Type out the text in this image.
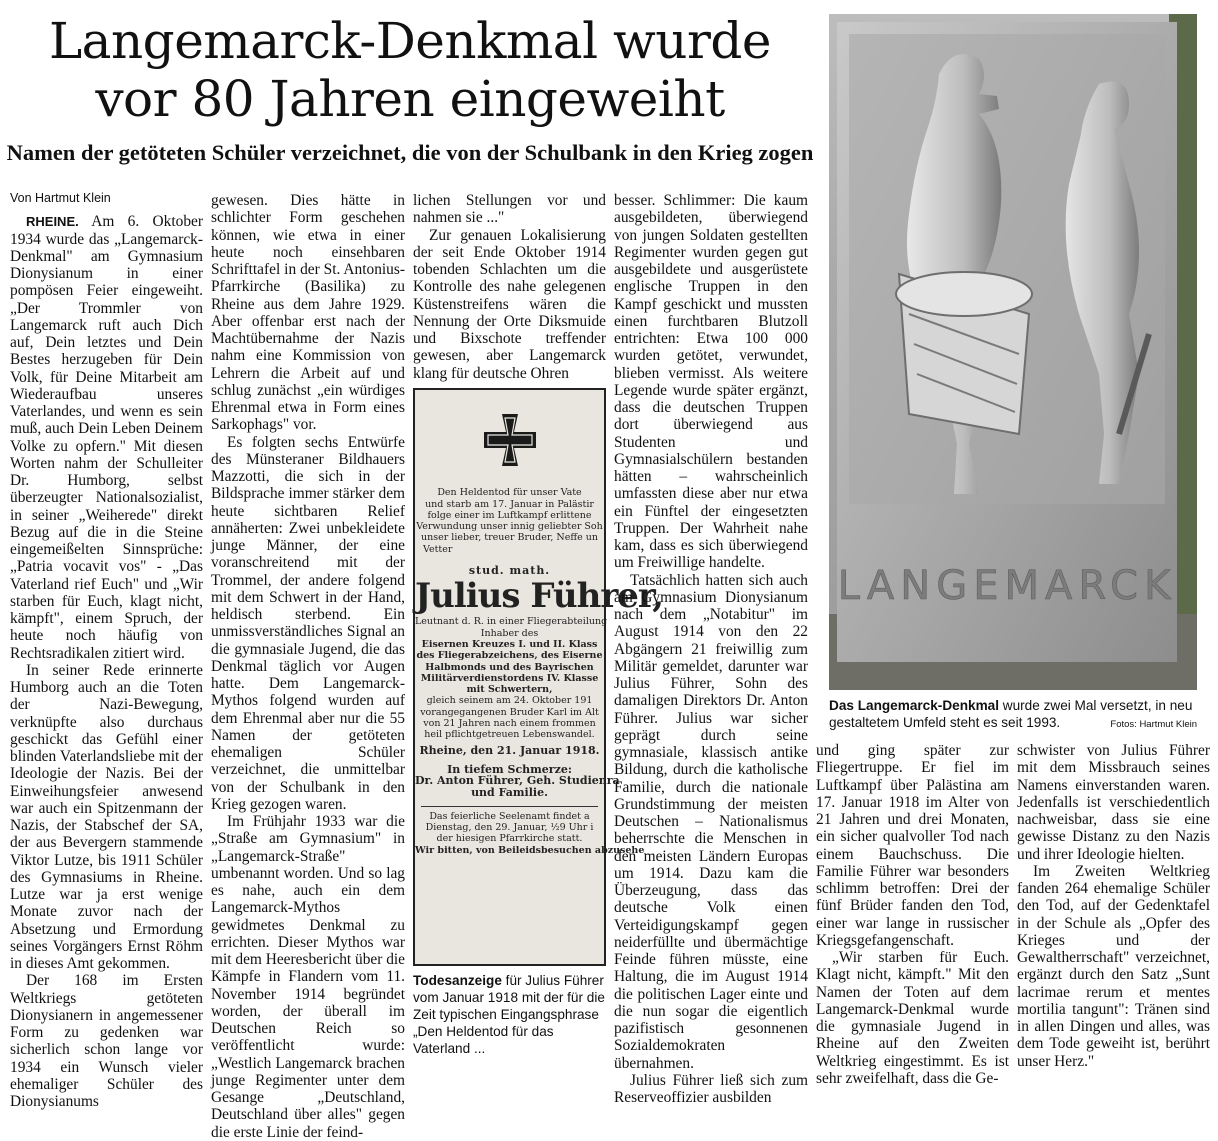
Langemarck-Denkmal wurde
vor 80 Jahren eingeweiht
Namen der getöteten Schüler verzeichnet, die von der Schulbank in den Krieg zogen

Von Hartmut Klein

RHEINE. Am 6. Oktober 1934 wurde das „Langemarck-Denkmal" am Gymnasium Dionysianum in einer pompösen Feier eingeweiht. „Der Trommler von Langemarck ruft auch Dich auf, Dein letztes und Dein Bestes herzugeben für Dein Volk, für Deine Mitarbeit am Wiederaufbau unseres Vaterlandes, und wenn es sein muß, auch Dein Leben Deinem Volke zu opfern." Mit diesen Worten nahm der Schulleiter Dr. Humborg, selbst überzeugter Nationalsozialist, in seiner „Weiherede" direkt Bezug auf die in die Steine eingemeißelten Sinnsprüche: „Patria vocavit vos" - „Das Vaterland rief Euch" und „Wir starben für Euch, klagt nicht, kämpft", einem Spruch, der heute noch häufig von Rechtsradikalen zitiert wird.

In seiner Rede erinnerte Humborg auch an die Toten der Nazi-Bewegung, verknüpfte also durchaus geschickt das Gefühl einer blinden Vaterlandsliebe mit der Ideologie der Nazis. Bei der Einweihungsfeier anwesend war auch ein Spitzenmann der Nazis, der Stabschef der SA, der aus Bevergern stammende Viktor Lutze, bis 1911 Schüler des Gymnasiums in Rheine. Lutze war ja erst wenige Monate zuvor nach der Absetzung und Ermordung seines Vorgängers Ernst Röhm in dieses Amt gekommen.

Der 168 im Ersten Weltkriegs getöteten Dionysianern in angemessener Form zu gedenken war sicherlich schon lange vor 1934 ein Wunsch vieler ehemaliger Schüler des Dionysianums

gewesen. Dies hätte in schlichter Form geschehen können, wie etwa in einer heute noch einsehbaren Schrifttafel in der St. Antonius-Pfarrkirche (Basilika) zu Rheine aus dem Jahre 1929. Aber offenbar erst nach der Machtübernahme der Nazis nahm eine Kommission von Lehrern die Arbeit auf und schlug zunächst „ein würdiges Ehrenmal etwa in Form eines Sarkophags" vor.

Es folgten sechs Entwürfe des Münsteraner Bildhauers Mazzotti, die sich in der Bildsprache immer stärker dem heute sichtbaren Relief annäherten: Zwei unbekleidete junge Männer, der eine voranschreitend mit der Trommel, der andere folgend mit dem Schwert in der Hand, heldisch sterbend. Ein unmissverständliches Signal an die gymnasiale Jugend, die das Denkmal täglich vor Augen hatte. Dem Langemarck-Mythos folgend wurden auf dem Ehrenmal aber nur die 55 Namen der getöteten ehemaligen Schüler verzeichnet, die unmittelbar von der Schulbank in den Krieg gezogen waren.

Im Frühjahr 1933 war die „Straße am Gymnasium" in „Langemarck-Straße" umbenannt worden. Und so lag es nahe, auch ein dem Langemarck-Mythos gewidmetes Denkmal zu errichten. Dieser Mythos war mit dem Heeresbericht über die Kämpfe in Flandern vom 11. November 1914 begründet worden, der überall im Deutschen Reich so veröffentlicht wurde: „Westlich Langemarck brachen junge Regimenter unter dem Gesange „Deutschland, Deutschland über alles" gegen die erste Linie der feind-

lichen Stellungen vor und nahmen sie ..."

Zur genauen Lokalisierung der seit Ende Oktober 1914 tobenden Schlachten um die Kontrolle des nahe gelegenen Küstenstreifens wären die Nennung der Orte Diksmuide und Bixschote treffender gewesen, aber Langemarck klang für deutsche Ohren

Den Heldentod für unser Vate
und starb am 17. Januar in Palästir
folge einer im Luftkampf erlittene
Verwundung unser innig geliebter Soh
unser lieber, treuer Bruder, Neffe un
Vetter
stud. math.
Julius Führer,
Leutnant d. R. in einer Fliegerabteilung
Inhaber des
Eisernen Kreuzes I. und II. Klass
des Fliegerabzeichens, des Eiserne
Halbmonds und des Bayrischen
Militärverdienstordens IV. Klasse
mit Schwertern,
gleich seinem am 24. Oktober 191
vorangegangenen Bruder Karl im Alt
von 21 Jahren nach einem frommen
heil pflichtgetreuen Lebenswandel.
Rheine, den 21. Januar 1918.
In tiefem Schmerze:
Dr. Anton Führer, Geh. Studienra
und Familie.
Das feierliche Seelenamt findet a
Dienstag, den 29. Januar, ½9 Uhr i
der hiesigen Pfarrkirche statt.
Wir bitten, von Beileidsbesuchen abzusehe
Todesanzeige für Julius Führer vom Januar 1918 mit der für die Zeit typischen Eingangsphrase „Den Heldentod für das Vaterland ...

besser. Schlimmer: Die kaum ausgebildeten, überwiegend von jungen Soldaten gestellten Regimenter wurden gegen gut ausgebildete und ausgerüstete englische Truppen in den Kampf geschickt und mussten einen furchtbaren Blutzoll entrichten: Etwa 100 000 wurden getötet, verwundet, blieben vermisst. Als weitere Legende wurde später ergänzt, dass die deutschen Truppen dort überwiegend aus Studenten und Gymnasialschülern bestanden hätten – wahrscheinlich umfassten diese aber nur etwa ein Fünftel der eingesetzten Truppen. Der Wahrheit nahe kam, dass es sich überwiegend um Freiwillige handelte.

Tatsächlich hatten sich auch am Gymnasium Dionysianum nach dem „Notabitur" im August 1914 von den 22 Abgängern 21 freiwillig zum Militär gemeldet, darunter war Julius Führer, Sohn des damaligen Direktors Dr. Anton Führer. Julius war sicher geprägt durch seine gymnasiale, klassisch antike Bildung, durch die katholische Familie, durch die nationale Grundstimmung der meisten Deutschen – Nationalismus beherrschte die Menschen in den meisten Ländern Europas um 1914. Dazu kam die Überzeugung, dass das deutsche Volk einen Verteidigungskampf gegen neiderfüllte und übermächtige Feinde führen müsste, eine Haltung, die im August 1914 die politischen Lager einte und die nun sogar die eigentlich pazifistisch gesonnenen Sozialdemokraten übernahmen.

Julius Führer ließ sich zum Reserveoffizier ausbilden

LANGEMARCK
Das Langemarck-Denkmal wurde zwei Mal versetzt, in neu gestaltetem Umfeld steht es seit 1993.	Fotos: Hartmut Klein

und ging später zur Fliegertruppe. Er fiel im Luftkampf über Palästina am 17. Januar 1918 im Alter von 21 Jahren und drei Monaten, ein sicher qualvoller Tod nach einem Bauchschuss. Die Familie Führer war besonders schlimm betroffen: Drei der fünf Brüder fanden den Tod, einer war lange in russischer Kriegsgefangenschaft.

„Wir starben für Euch. Klagt nicht, kämpft." Mit den Namen der Toten auf dem Langemarck-Denkmal wurde die gymnasiale Jugend in Rheine auf den Zweiten Weltkrieg eingestimmt. Es ist sehr zweifelhaft, dass die Ge-

schwister von Julius Führer mit dem Missbrauch seines Namens einverstanden waren. Jedenfalls ist verschiedentlich nachweisbar, dass sie eine gewisse Distanz zu den Nazis und ihrer Ideologie hielten.

Im Zweiten Weltkrieg fanden 264 ehemalige Schüler den Tod, auf der Gedenktafel in der Schule als „Opfer des Krieges und der Gewaltherrschaft" verzeichnet, ergänzt durch den Satz „Sunt lacrimae rerum et mentes mortilia tangunt": Tränen sind in allen Dingen und alles, was dem Tode geweiht ist, berührt unser Herz."
